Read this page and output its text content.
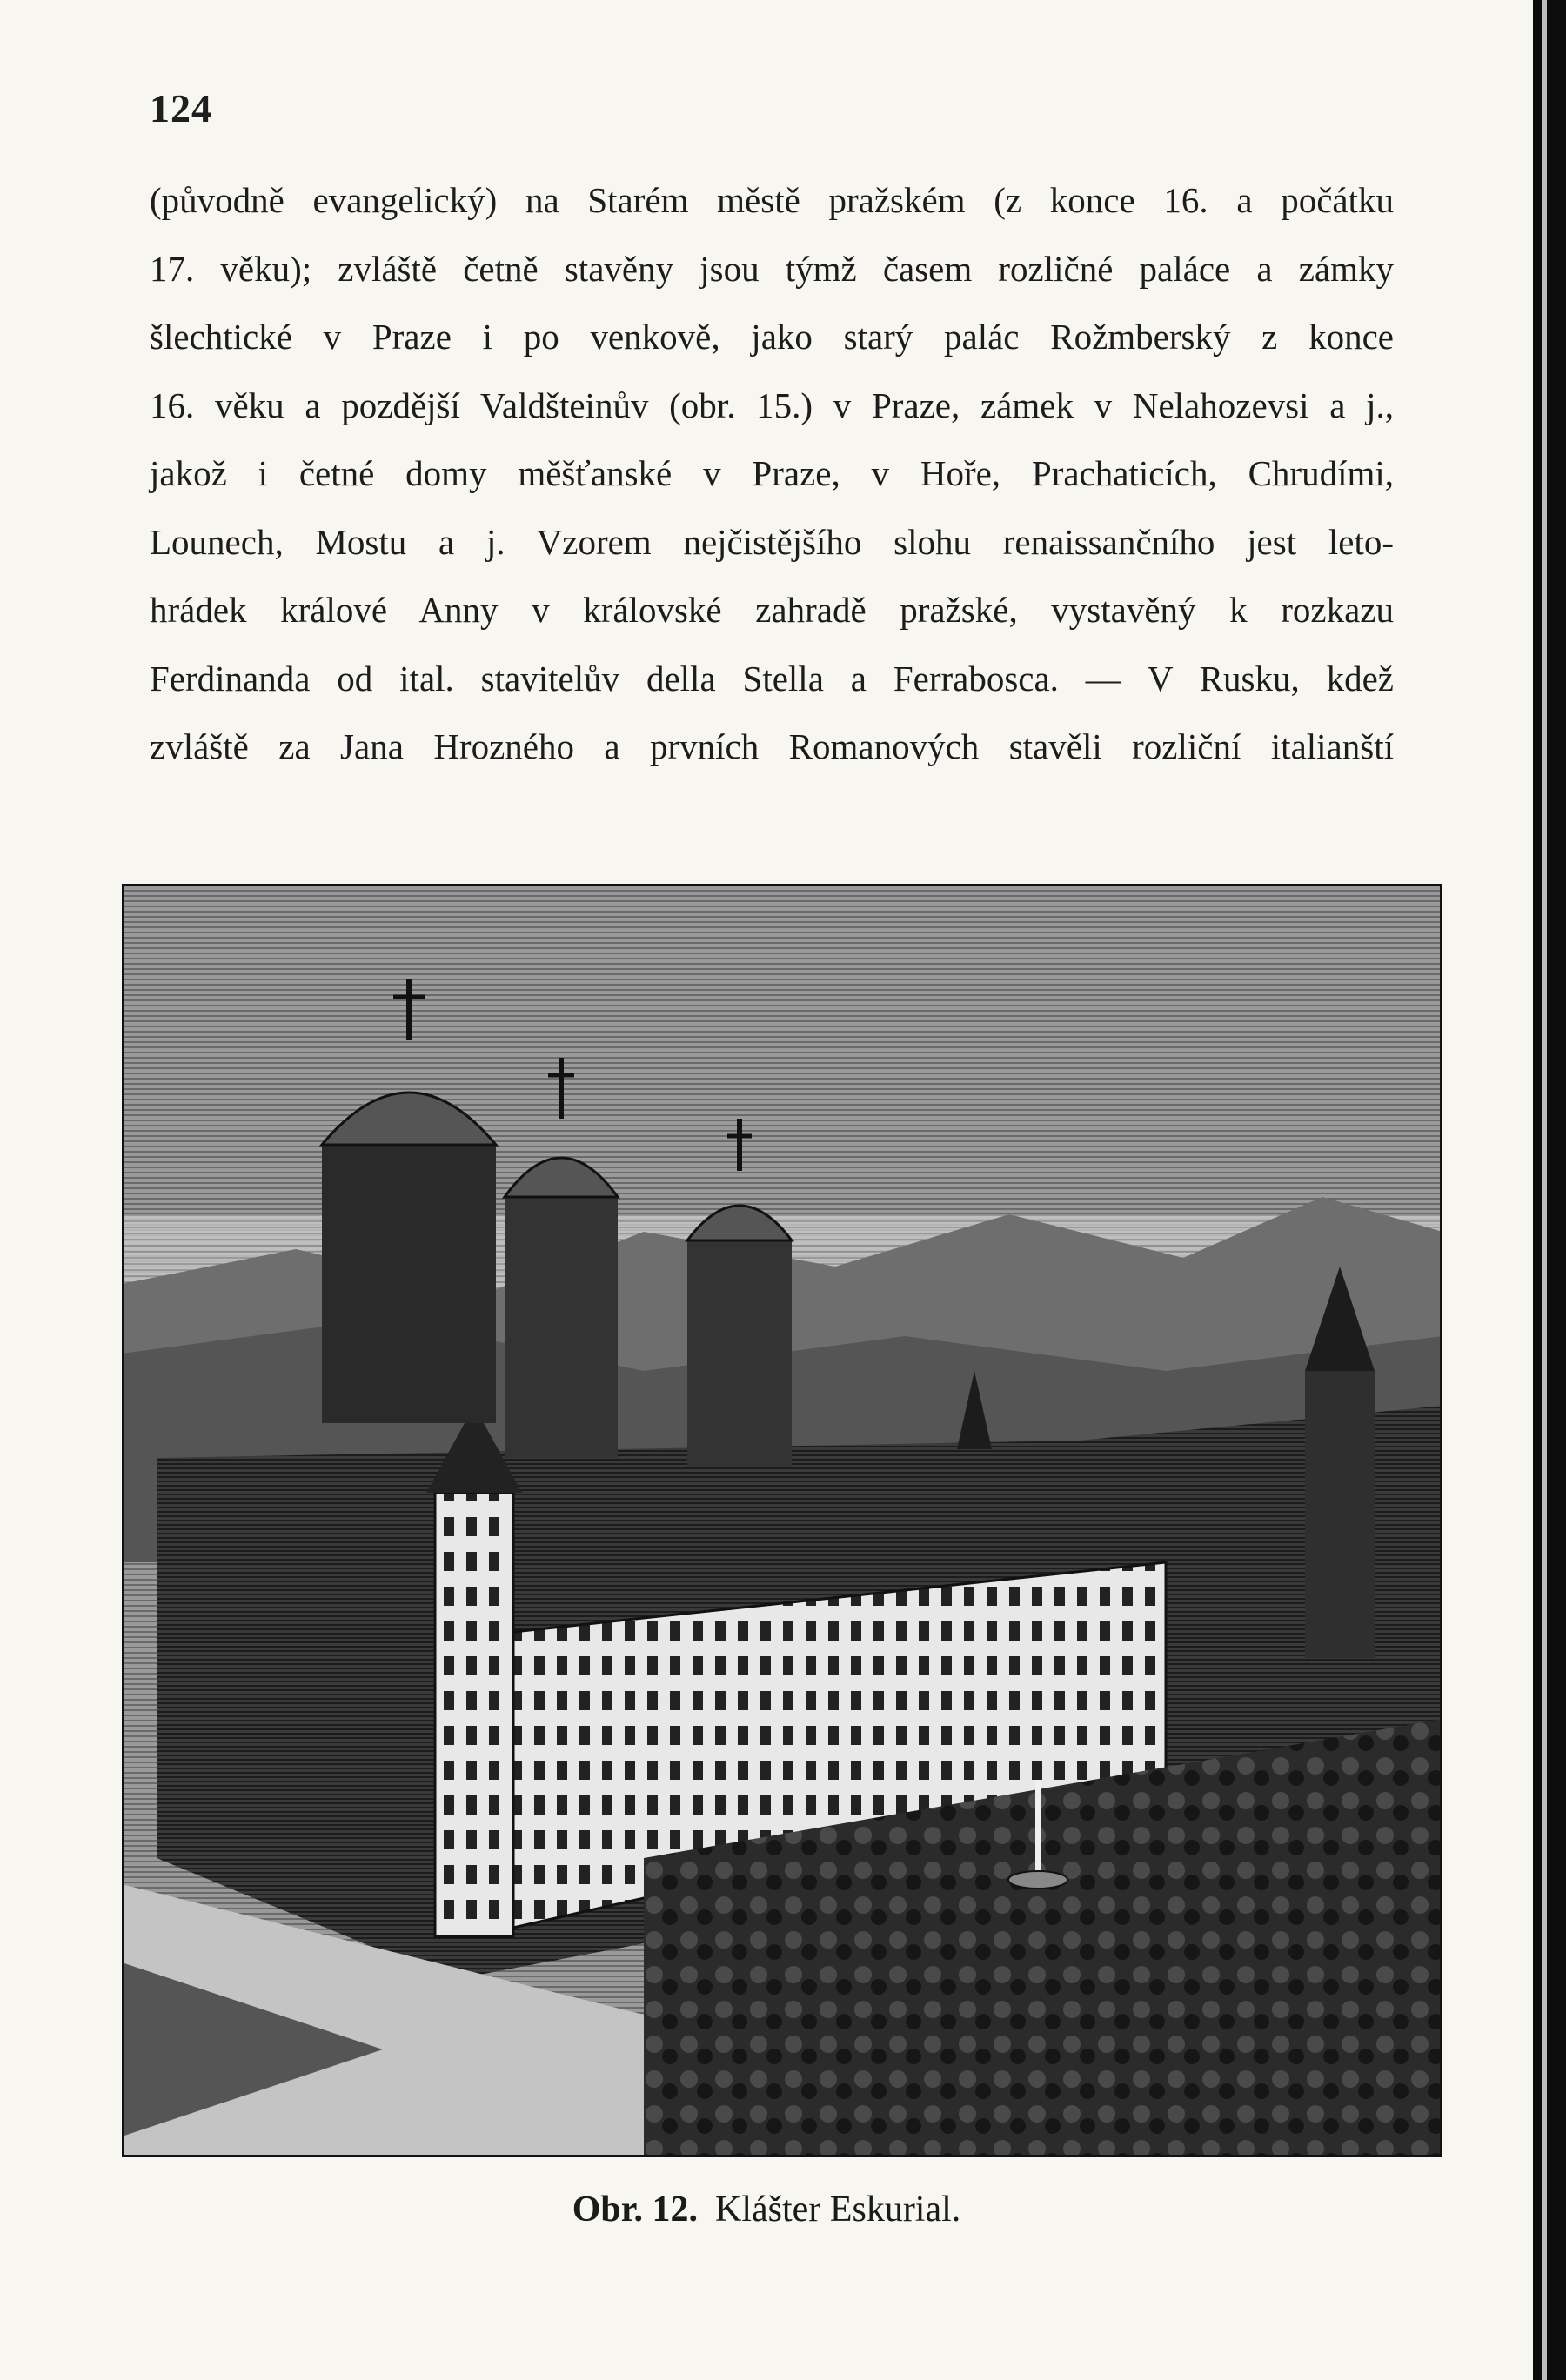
124
(původně evangelický) na Starém městě pražském (z konce 16. a počátku
17. věku); zvláště četně stavěny jsou týmž časem rozličné paláce a zámky
šlechtické v Praze i po venkově, jako starý palác Rožmberský z konce
16. věku a pozdější Valdšteinův (obr. 15.) v Praze, zámek v Nelahozevsi a j.,
jakož i četné domy měšťanské v Praze, v Hoře, Prachaticích, Chrudími,
Lounech, Mostu a j. Vzorem nejčistějšího slohu renaissančního jest leto-
hrádek králové Anny v královské zahradě pražské, vystavěný k rozkazu
Ferdinanda od ital. stavitelův della Stella a Ferrabosca. — V Rusku, kdež
zvláště za Jana Hrozného a prvních Romanových stavěli rozliční italianští
Obr. 12. Klášter Eskurial.
